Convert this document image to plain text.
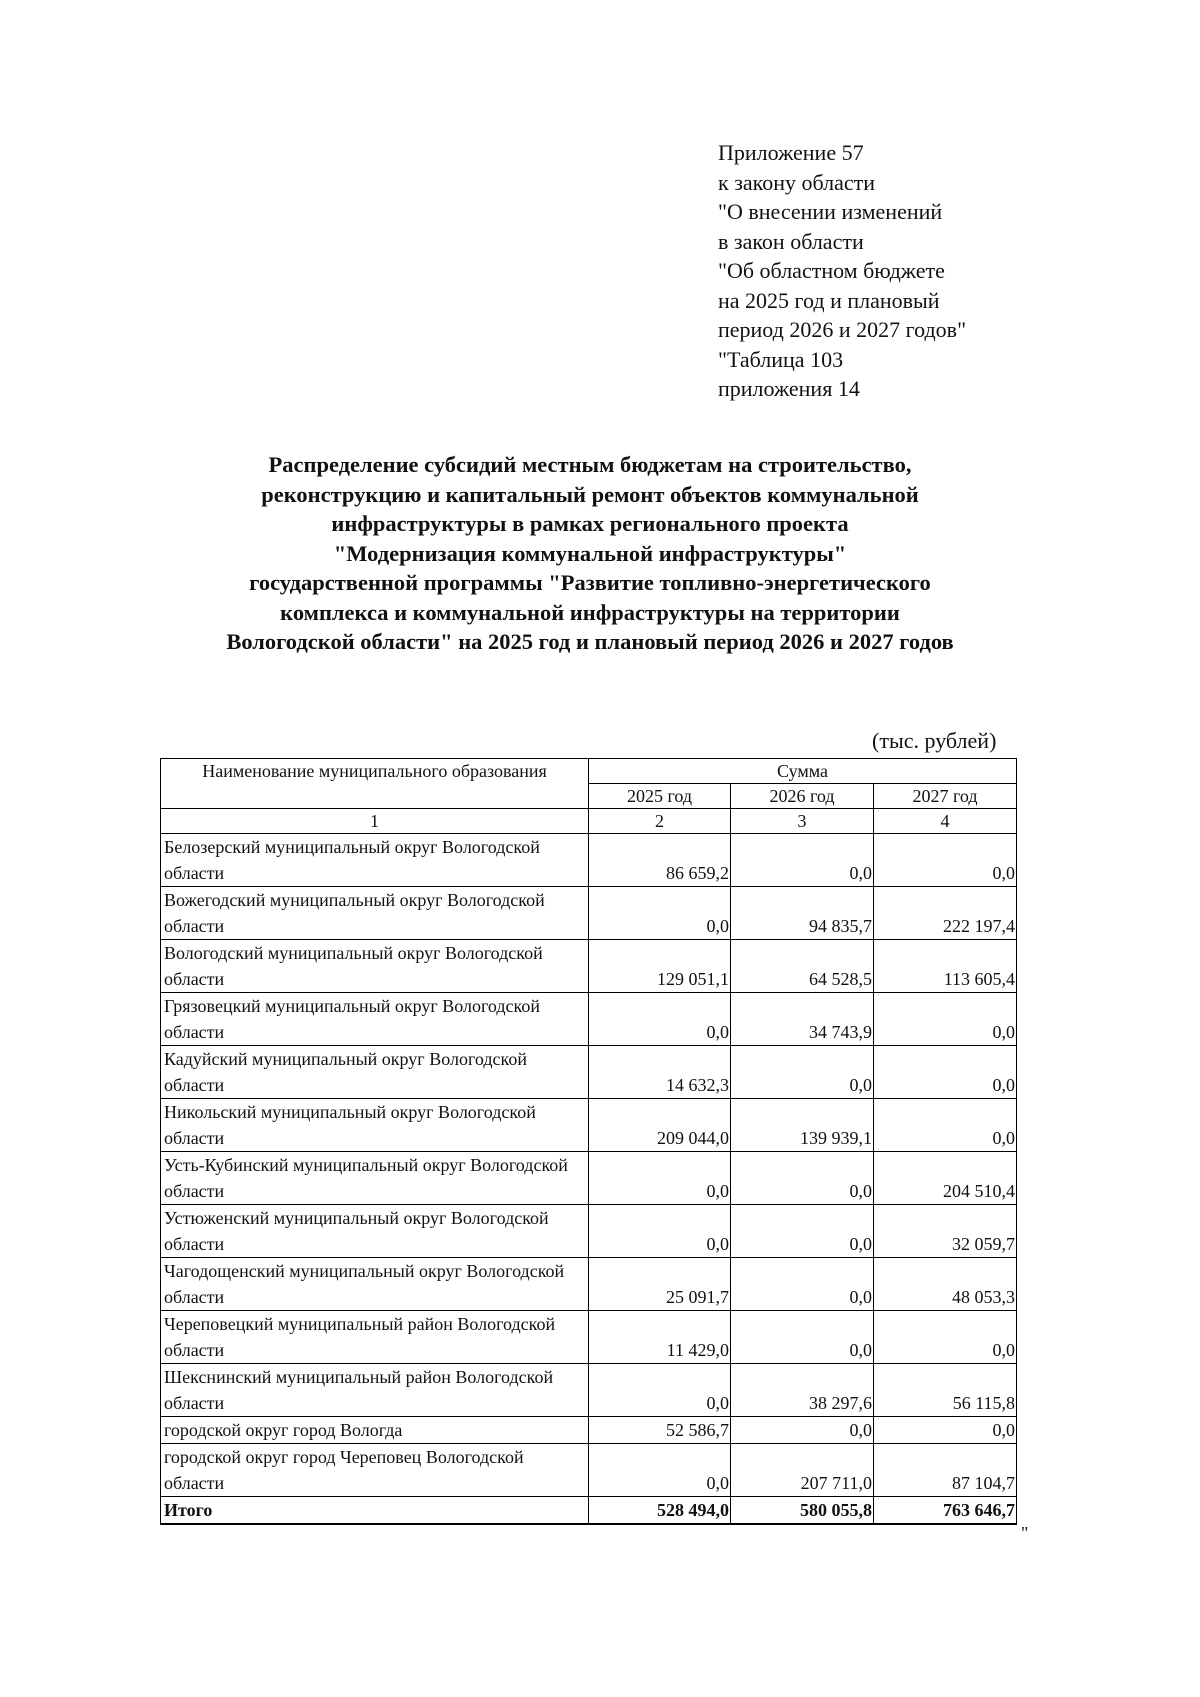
Приложение 57
к закону области
"О внесении изменений
в закон области
"Об областном бюджете
на 2025 год и плановый
период 2026 и 2027 годов"
"Таблица 103
приложения 14
Распределение субсидий местным бюджетам на строительство,
реконструкцию и капитальный ремонт объектов коммунальной
инфраструктуры в рамках регионального проекта
"Модернизация коммунальной инфраструктуры"
государственной программы "Развитие топливно-энергетического
комплекса и коммунальной инфраструктуры на территории
Вологодской области" на 2025 год и плановый период 2026 и 2027 годов
(тыс. рублей)
Наименование муниципального образования	Сумма		
	2025 год	2026 год	2027 год
1	2	3	4
Белозерский муниципальный округ Вологодской области	86 659,2	0,0	0,0
Вожегодский муниципальный округ Вологодской области	0,0	94 835,7	222 197,4
Вологодский муниципальный округ Вологодской области	129 051,1	64 528,5	113 605,4
Грязовецкий муниципальный округ Вологодской области	0,0	34 743,9	0,0
Кадуйский муниципальный округ Вологодской области	14 632,3	0,0	0,0
Никольский муниципальный округ Вологодской области	209 044,0	139 939,1	0,0
Усть-Кубинский муниципальный округ Вологодской области	0,0	0,0	204 510,4
Устюженский муниципальный округ Вологодской области	0,0	0,0	32 059,7
Чагодощенский муниципальный округ Вологодской области	25 091,7	0,0	48 053,3
Череповецкий муниципальный район Вологодской области	11 429,0	0,0	0,0
Шекснинский муниципальный район Вологодской области	0,0	38 297,6	56 115,8
городской округ город Вологда	52 586,7	0,0	0,0
городской округ город Череповец Вологодской области	0,0	207 711,0	87 104,7
Итого	528 494,0	580 055,8	763 646,7
"
